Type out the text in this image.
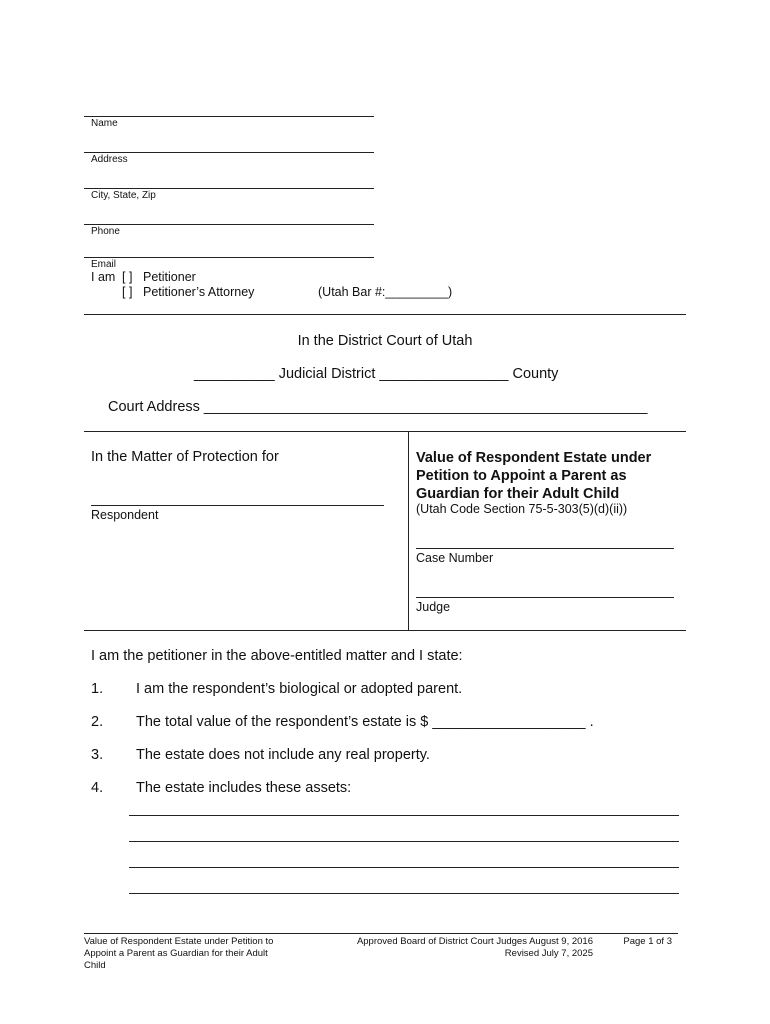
Name
Address
City, State, Zip
Phone
Email
I am [ ] Petitioner
[ ] Petitioner’s Attorney	(Utah Bar #:_________)
In the District Court of Utah
__________ Judicial District ________________ County
Court Address _______________________________________________________
In the Matter of Protection for
Respondent
Value of Respondent Estate under
Petition to Appoint a Parent as
Guardian for their Adult Child
(Utah Code Section 75-5-303(5)(d)(ii))
Case Number
Judge
I am the petitioner in the above-entitled matter and I state:
1. I am the respondent’s biological or adopted parent.
2. The total value of the respondent’s estate is $ ___________________ .
3. The estate does not include any real property.
4. The estate includes these assets:
Value of Respondent Estate under Petition to
Appoint a Parent as Guardian for their Adult
Child
Approved Board of District Court Judges August 9, 2016
Revised July 7, 2025
Page 1 of 3
